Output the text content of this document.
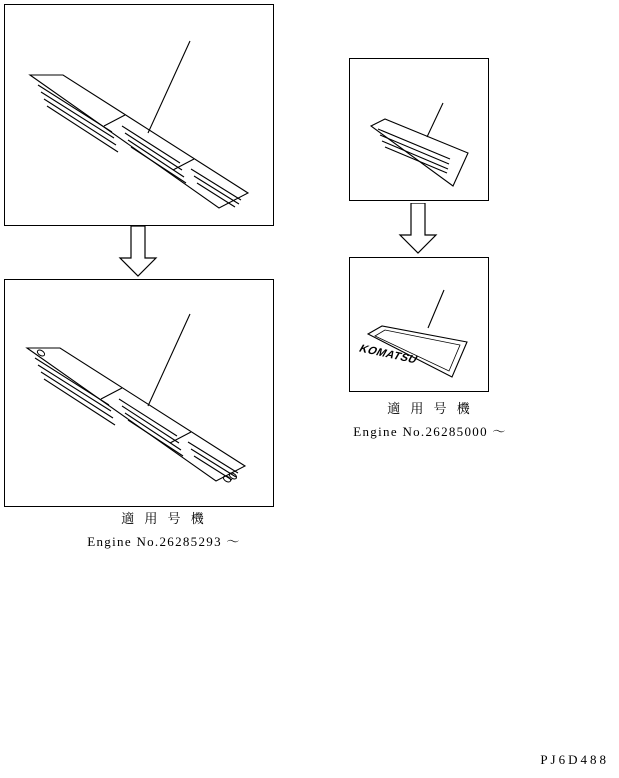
適 用 号 機
Engine No.26285293 〜
KOMATSU
適 用 号 機
Engine No.26285000 〜
PJ6D488
